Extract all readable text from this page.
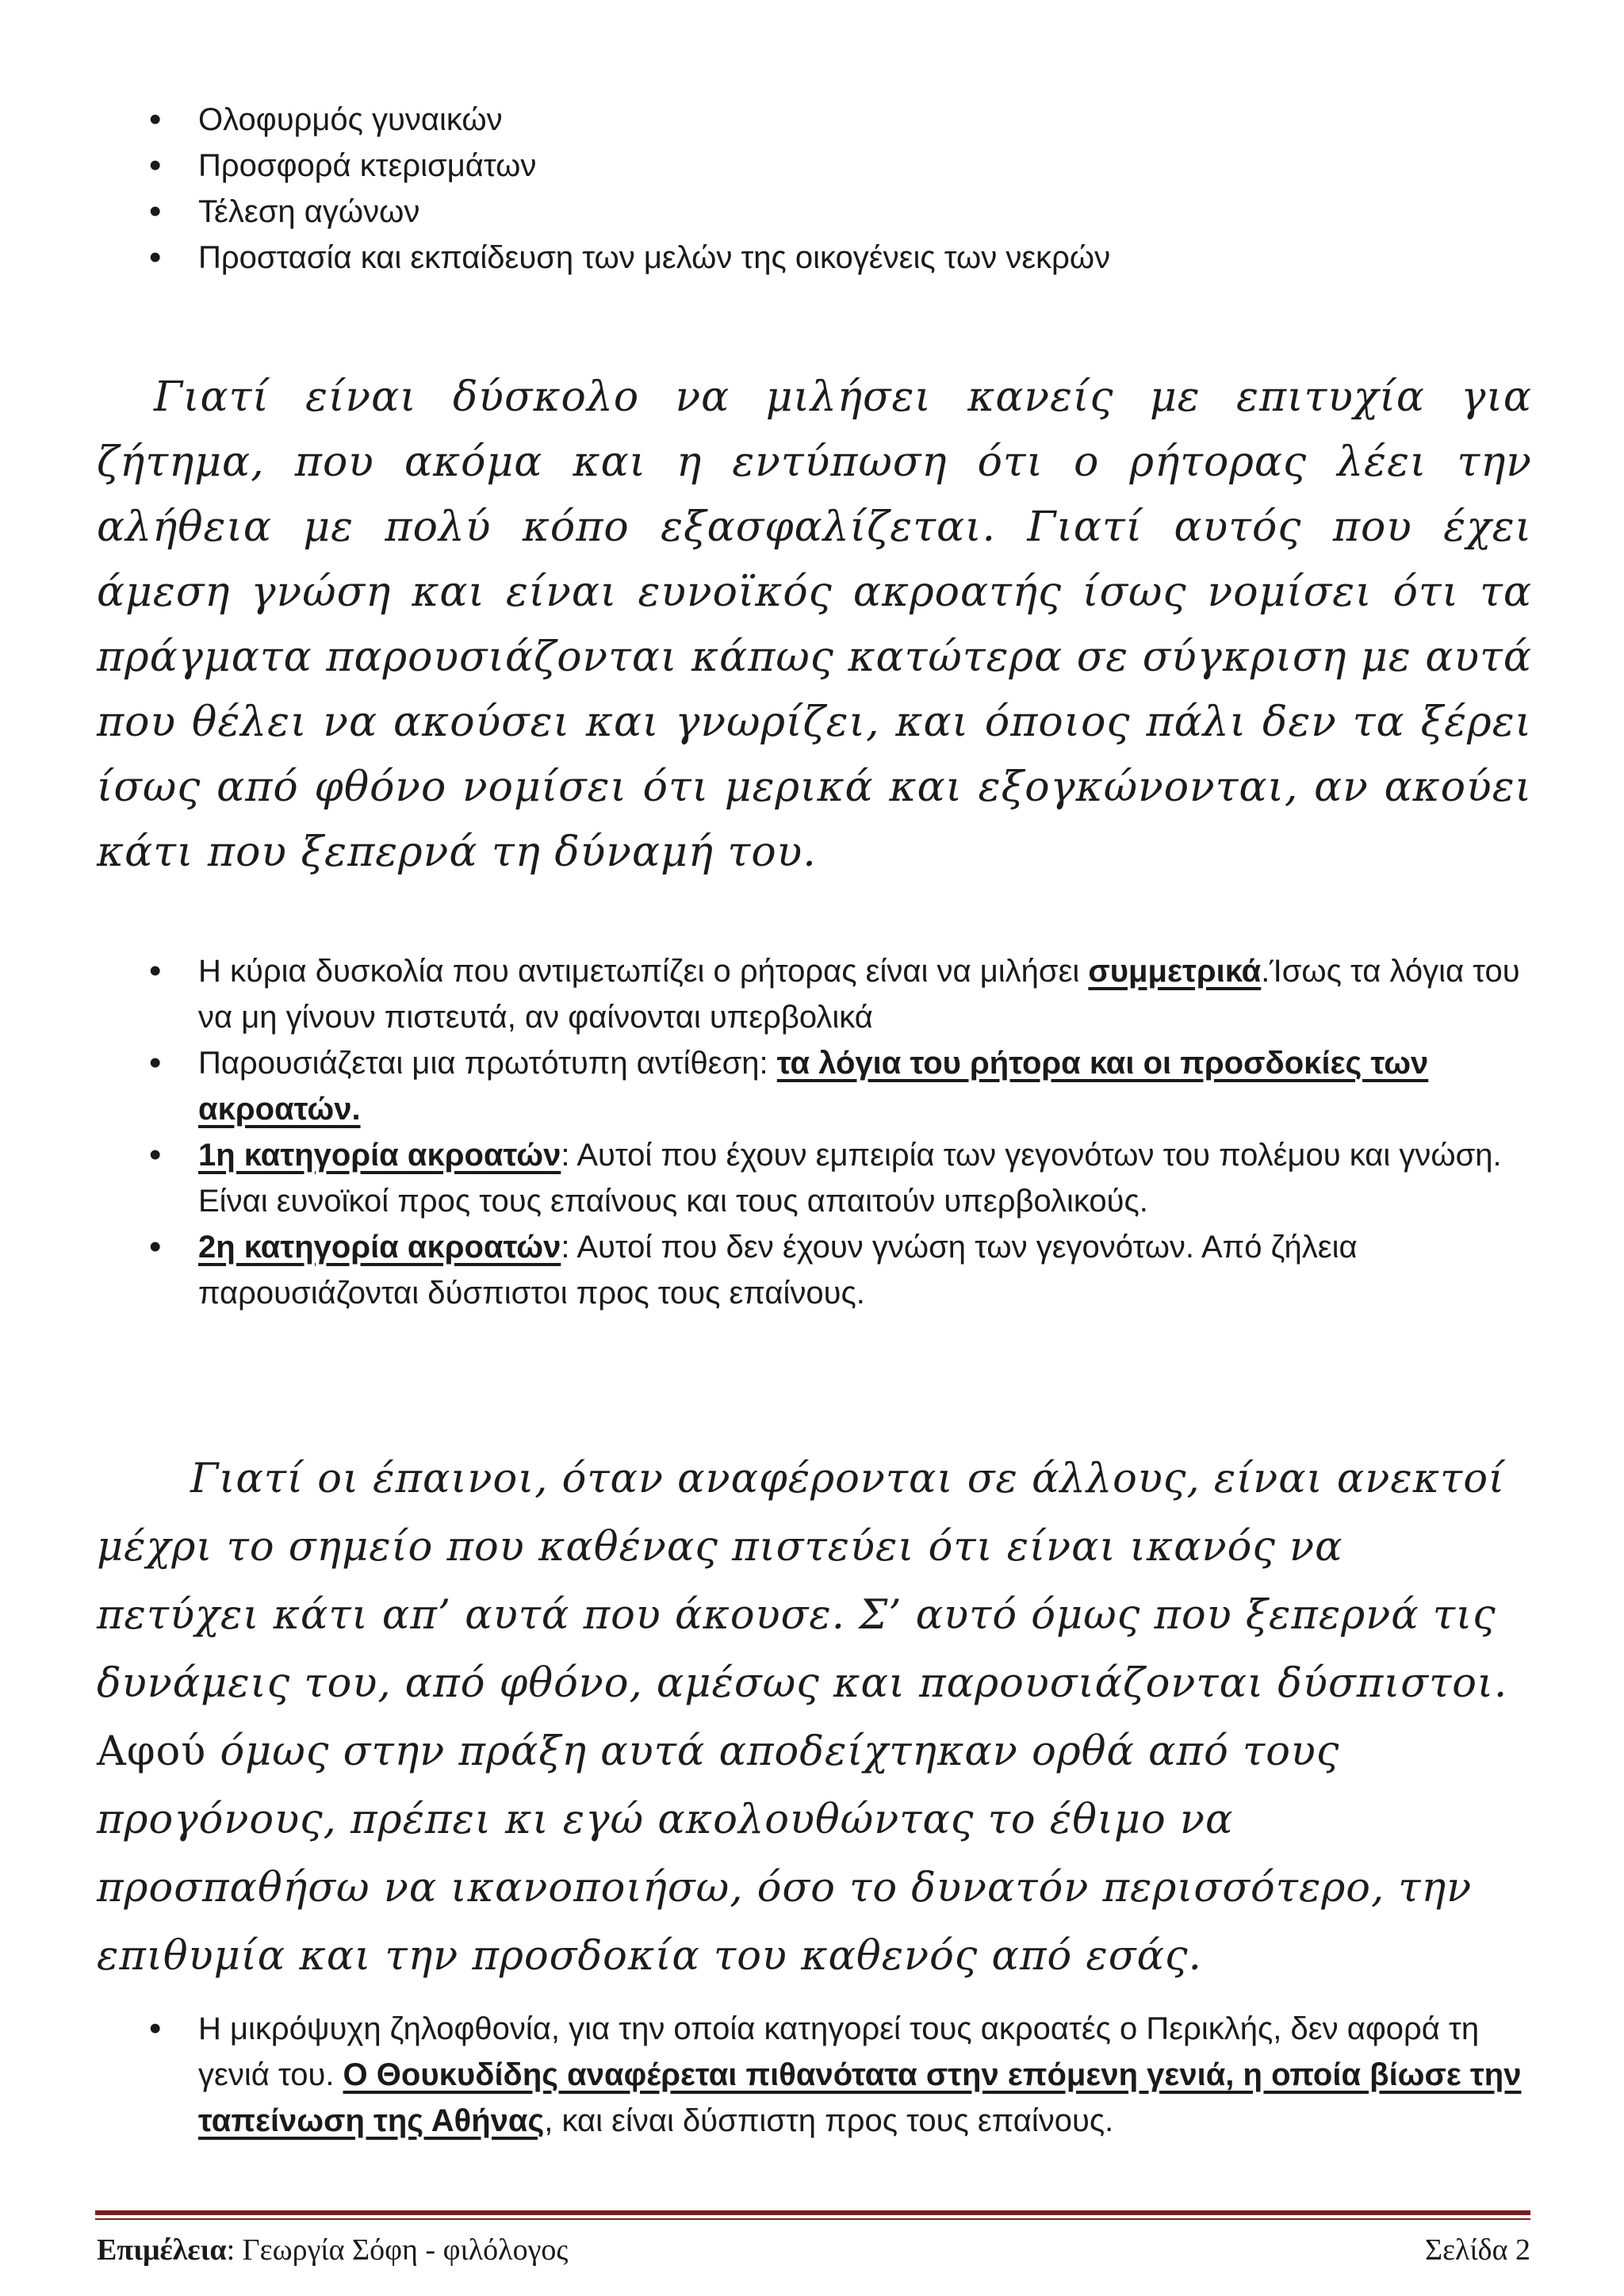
• Ολοφυρμός γυναικών
• Προσφορά κτερισμάτων
• Τέλεση αγώνων
• Προστασία και εκπαίδευση των μελών της οικογένεις των νεκρών

Γιατί είναι δύσκολο να μιλήσει κανείς με επιτυχία για ζήτημα, που ακόμα και η εντύπωση ότι ο ρήτορας λέει την αλήθεια με πολύ κόπο εξασφαλίζεται. Γιατί αυτός που έχει άμεση γνώση και είναι ευνοϊκός ακροατής ίσως νομίσει ότι τα πράγματα παρουσιάζονται κάπως κατώτερα σε σύγκριση με αυτά που θέλει να ακούσει και γνωρίζει, και όποιος πάλι δεν τα ξέρει ίσως από φθόνο νομίσει ότι μερικά και εξογκώνονται, αν ακούει κάτι που ξεπερνά τη δύναμή του.

• Η κύρια δυσκολία που αντιμετωπίζει ο ρήτορας είναι να μιλήσει συμμετρικά.Ίσως τα λόγια του να μη γίνουν πιστευτά, αν φαίνονται υπερβολικά
• Παρουσιάζεται μια πρωτότυπη αντίθεση: τα λόγια του ρήτορα και οι προσδοκίες των ακροατών.
• 1η κατηγορία ακροατών: Αυτοί που έχουν εμπειρία των γεγονότων του πολέμου και γνώση. Είναι ευνοϊκοί προς τους επαίνους και τους απαιτούν υπερβολικούς.
• 2η κατηγορία ακροατών: Αυτοί που δεν έχουν γνώση των γεγονότων. Από ζήλεια παρουσιάζονται δύσπιστοι προς τους επαίνους.

Γιατί οι έπαινοι, όταν αναφέρονται σε άλλους, είναι ανεκτοί μέχρι το σημείο που καθένας πιστεύει ότι είναι ικανός να πετύχει κάτι απ’ αυτά που άκουσε. Σ’ αυτό όμως που ξεπερνά τις δυνάμεις του, από φθόνο, αμέσως και παρουσιάζονται δύσπιστοι. Αφού όμως στην πράξη αυτά αποδείχτηκαν ορθά από τους προγόνους, πρέπει κι εγώ ακολουθώντας το έθιμο να προσπαθήσω να ικανοποιήσω, όσο το δυνατόν περισσότερο, την επιθυμία και την προσδοκία του καθενός από εσάς.

• Η μικρόψυχη ζηλοφθονία, για την οποία κατηγορεί τους ακροατές ο Περικλής, δεν αφορά τη γενιά του. Ο Θουκυδίδης αναφέρεται πιθανότατα στην επόμενη γενιά, η οποία βίωσε την ταπείνωση της Αθήνας, και είναι δύσπιστη προς τους επαίνους.
Επιμέλεια: Γεωργία Σόφη - φιλόλογος	Σελίδα 2
